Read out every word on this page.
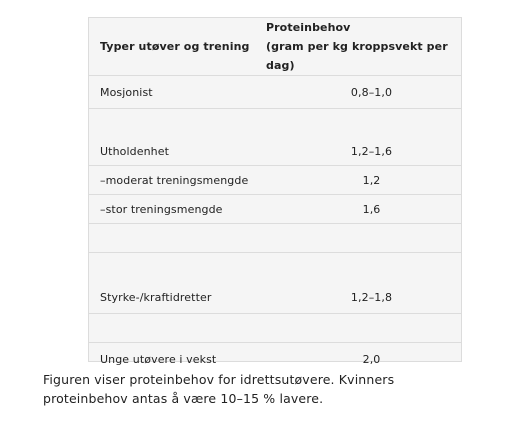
Typer utøver og trening	Proteinbehov
(gram per kg kroppsvekt per dag)

Mosjonist	0,8–1,0

Utholdenhet	1,2–1,6
–moderat treningsmengde	1,2
–stor treningsmengde	1,6

Styrke-/kraftidretter	1,2–1,8

Unge utøvere i vekst	2,0
Figuren viser proteinbehov for idrettsutøvere. Kvinners proteinbehov antas å være 10–15 % lavere.
